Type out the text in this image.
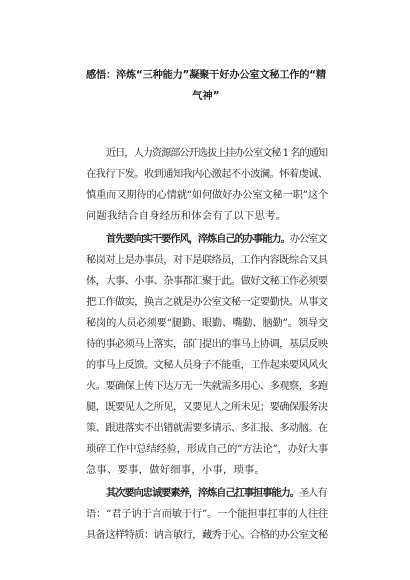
感悟：淬炼“三种能力”凝聚干好办公室文秘工作的“精
气神”
近日，人力资源部公开选拔上挂办公室文秘 1 名的通知
在我行下发。收到通知我内心激起不小波澜。怀着虔诚、
慎重而又期待的心情就“如何做好办公室文秘一职”这个
问题我结合自身经历和体会有了以下思考。
首先要向实干要作风，淬炼自己的办事能力。办公室文
秘岗对上是办事员，对下是联络员，工作内容既综合又具
体，大事、小事、杂事都汇聚于此。做好文秘工作必须要
把工作做实，换言之就是办公室文秘一定要勤快。从事文
秘岗的人员必须要“腿勤、眼勤、嘴勤、脑勤”。领导交
待的事必须马上落实，部门提出的事马上协调，基层反映
的事马上反馈。文秘人员身子不能重，工作起来要风风火
火。要确保上传下达万无一失就需多用心、多观察，多跑
腿，既要见人之所见，又要见人之所未见；要确保服务决
策、跟进落实不出错就需要多请示、多汇报、多动脑。在
琐碎工作中总结经验，形成自己的“方法论”，办好大事
急事、要事，做好细事，小事，琐事。
其次要向忠诚要素养，淬炼自己扛事担事能力。圣人有
语：“君子讷于言而敏于行”。一个能担事扛事的人往往
具备这样特质：讷言敏行，藏秀于心。合格的办公室文秘
